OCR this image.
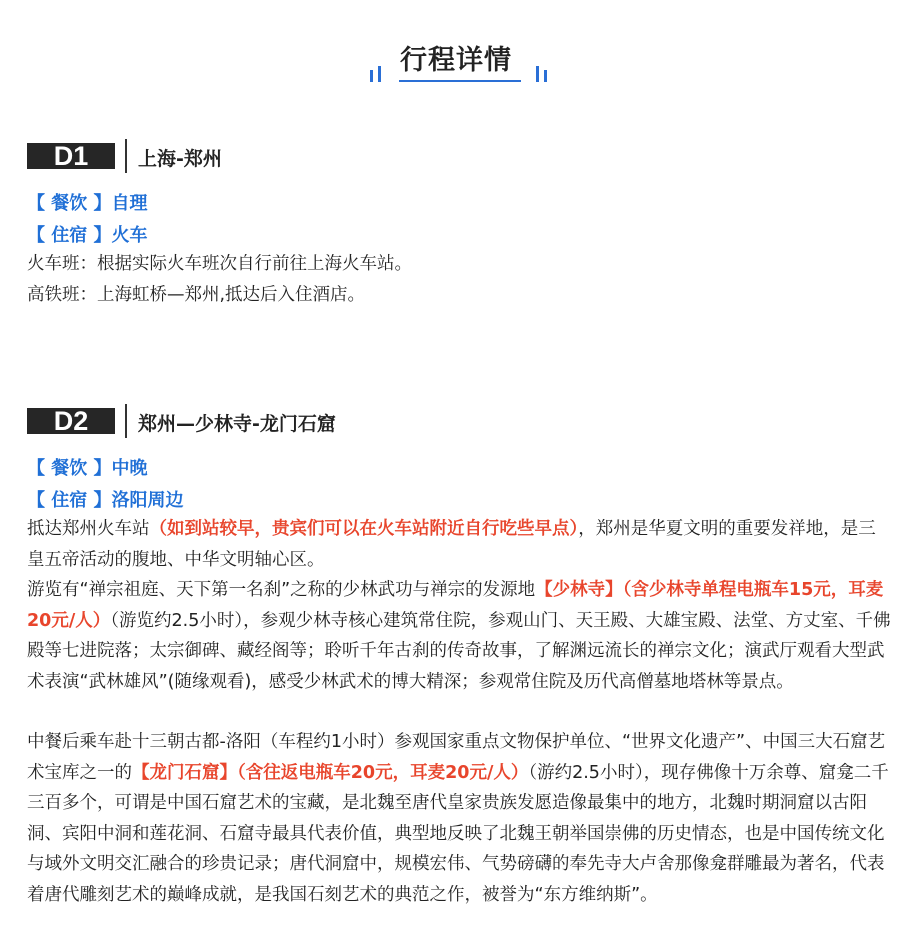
行程详情
D1	上海-郑州
【 餐饮 】自理
【 住宿 】火车
火车班：根据实际火车班次自行前往上海火车站。
高铁班：上海虹桥—郑州,抵达后入住酒店。
D2	郑州—少林寺-龙门石窟
【 餐饮 】中晚
【 住宿 】洛阳周边
抵达郑州火车站（如到站较早，贵宾们可以在火车站附近自行吃些早点），郑州是华夏文明的重要发祥地，是三皇五帝活动的腹地、中华文明轴心区。
游览有“禅宗祖庭、天下第一名刹”之称的少林武功与禅宗的发源地【少林寺】（含少林寺单程电瓶车15元，耳麦20元/人）（游览约2.5小时），参观少林寺核心建筑常住院，参观山门、天王殿、大雄宝殿、法堂、方丈室、千佛殿等七进院落；太宗御碑、藏经阁等；聆听千年古刹的传奇故事，了解渊远流长的禅宗文化；演武厅观看大型武术表演“武林雄风”(随缘观看)，感受少林武术的博大精深；参观常住院及历代高僧墓地塔林等景点。
中餐后乘车赴十三朝古都-洛阳（车程约1小时）参观国家重点文物保护单位、“世界文化遗产”、中国三大石窟艺术宝库之一的【龙门石窟】（含往返电瓶车20元，耳麦20元/人）（游约2.5小时），现存佛像十万余尊、窟龛二千三百多个，可谓是中国石窟艺术的宝藏，是北魏至唐代皇家贵族发愿造像最集中的地方，北魏时期洞窟以古阳洞、宾阳中洞和莲花洞、石窟寺最具代表价值，典型地反映了北魏王朝举国崇佛的历史情态，也是中国传统文化与域外文明交汇融合的珍贵记录；唐代洞窟中，规模宏伟、气势磅礴的奉先寺大卢舍那像龛群雕最为著名，代表着唐代雕刻艺术的巅峰成就，是我国石刻艺术的典范之作，被誉为“东方维纳斯”。
